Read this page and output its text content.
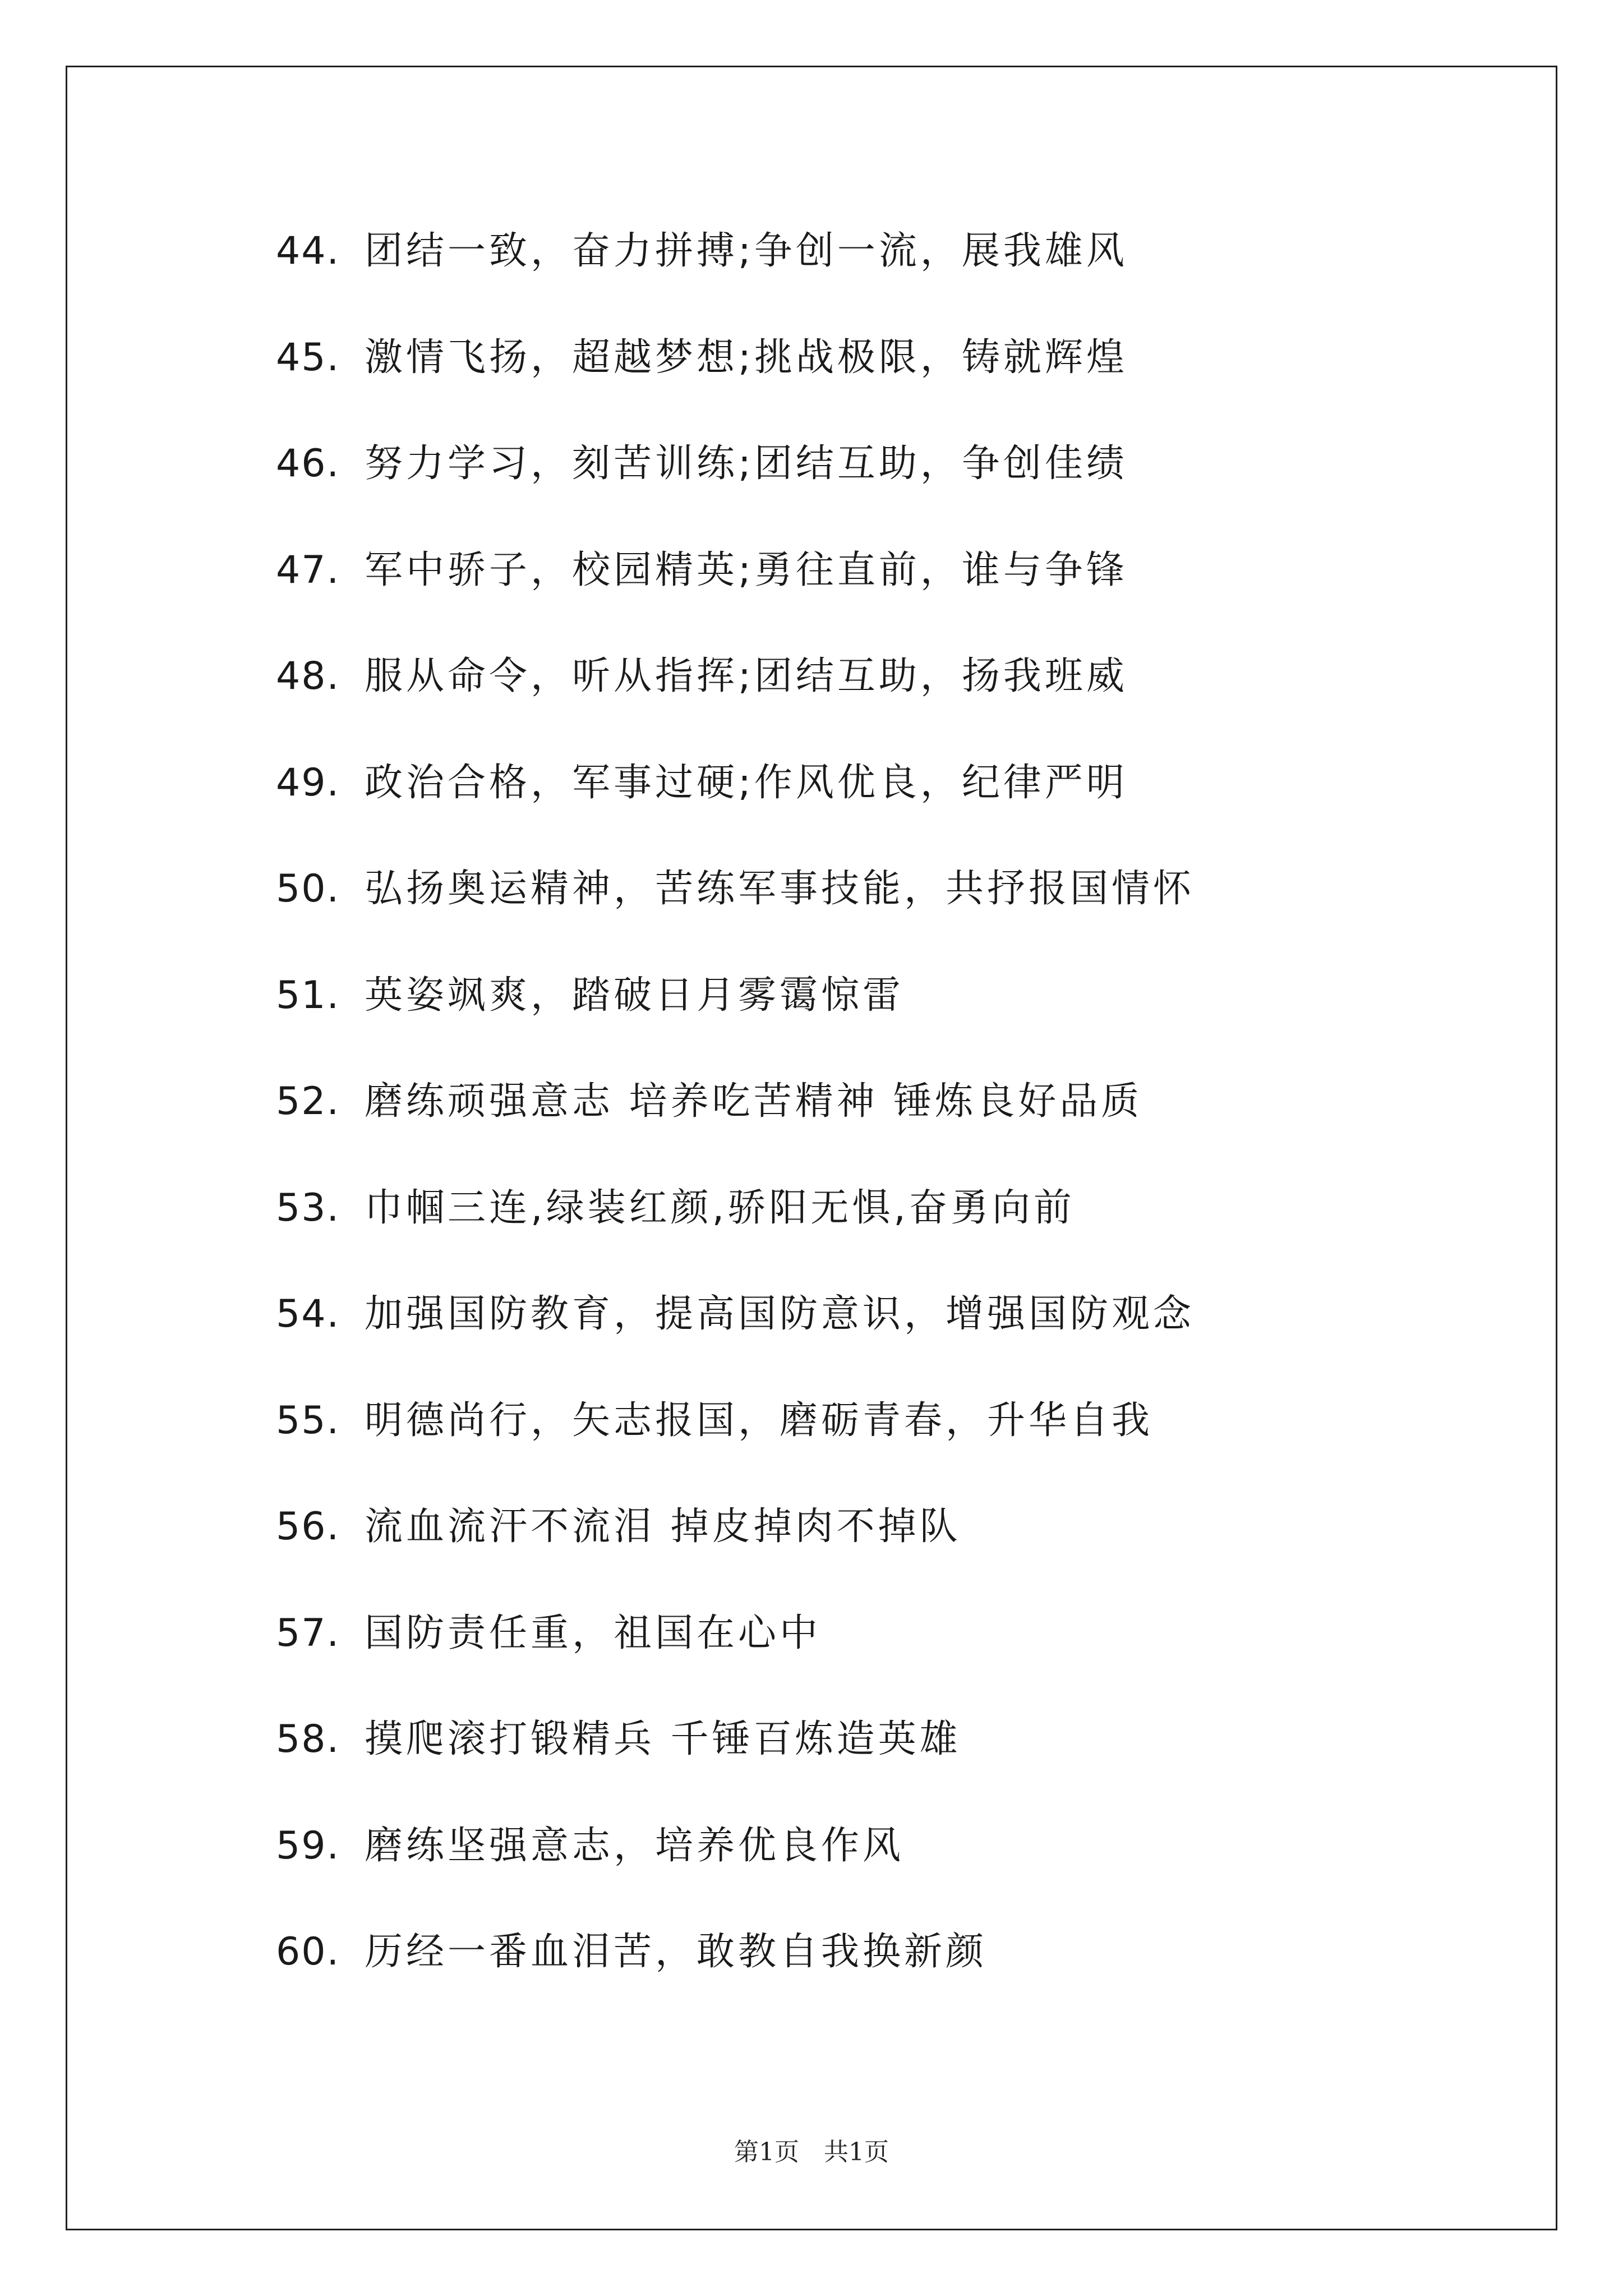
44. 团结一致，奋力拼搏;争创一流，展我雄风
45. 激情飞扬，超越梦想;挑战极限，铸就辉煌
46. 努力学习，刻苦训练;团结互助，争创佳绩
47. 军中骄子，校园精英;勇往直前，谁与争锋
48. 服从命令，听从指挥;团结互助，扬我班威
49. 政治合格，军事过硬;作风优良，纪律严明
50. 弘扬奥运精神，苦练军事技能，共抒报国情怀
51. 英姿飒爽，踏破日月雾霭惊雷
52. 磨练顽强意志 培养吃苦精神 锤炼良好品质
53. 巾帼三连,绿装红颜,骄阳无惧,奋勇向前
54. 加强国防教育，提高国防意识，增强国防观念
55. 明德尚行，矢志报国，磨砺青春，升华自我
56. 流血流汗不流泪 掉皮掉肉不掉队
57. 国防责任重，祖国在心中
58. 摸爬滚打锻精兵 千锤百炼造英雄
59. 磨练坚强意志，培养优良作风
60. 历经一番血泪苦，敢教自我换新颜
第1页　共1页
